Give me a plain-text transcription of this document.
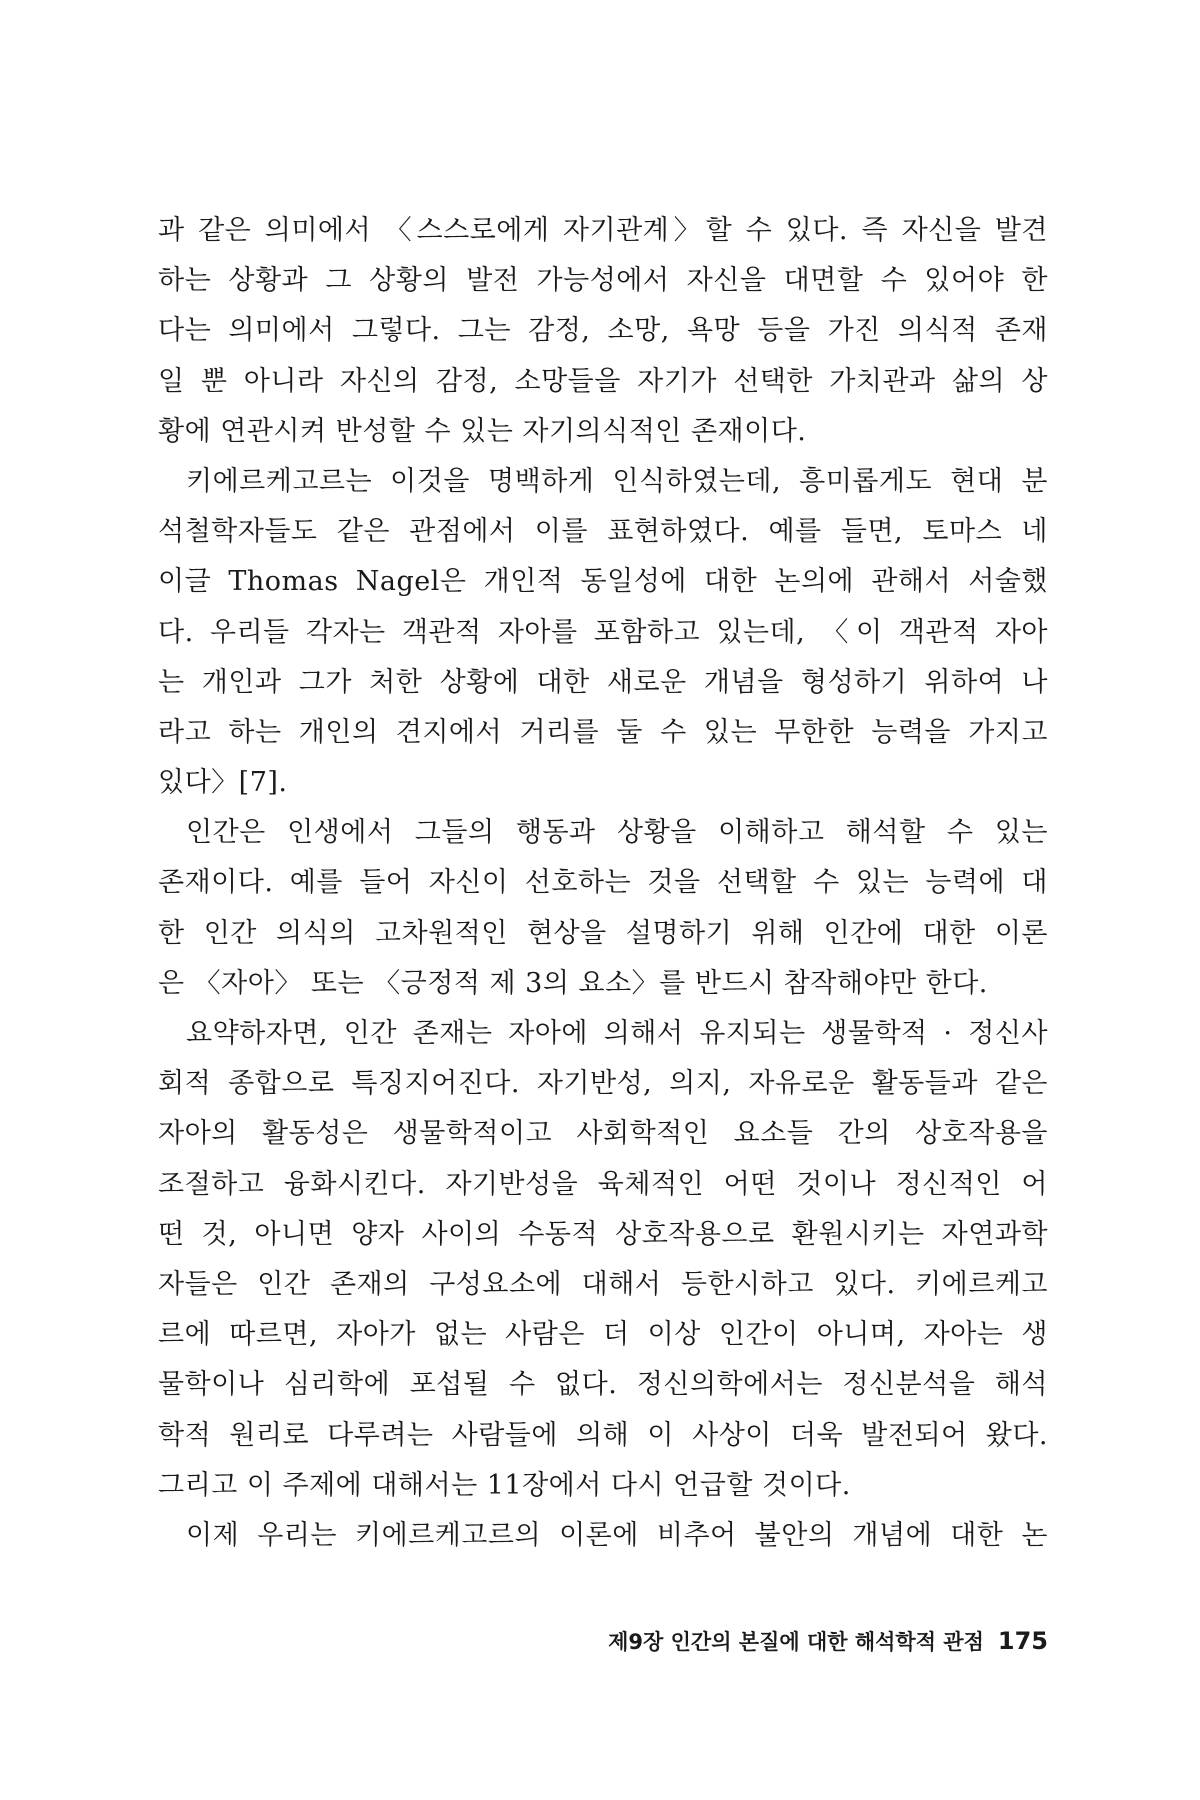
과 같은 의미에서 〈스스로에게 자기관계〉할 수 있다. 즉 자신을 발견
하는 상황과 그 상황의 발전 가능성에서 자신을 대면할 수 있어야 한
다는 의미에서 그렇다. 그는 감정, 소망, 욕망 등을 가진 의식적 존재
일 뿐 아니라 자신의 감정, 소망들을 자기가 선택한 가치관과 삶의 상
황에 연관시켜 반성할 수 있는 자기의식적인 존재이다.
키에르케고르는 이것을 명백하게 인식하였는데, 흥미롭게도 현대 분
석철학자들도 같은 관점에서 이를 표현하였다. 예를 들면, 토마스 네
이글 Thomas Nagel은 개인적 동일성에 대한 논의에 관해서 서술했
다. 우리들 각자는 객관적 자아를 포함하고 있는데, 〈이 객관적 자아
는 개인과 그가 처한 상황에 대한 새로운 개념을 형성하기 위하여 나
라고 하는 개인의 견지에서 거리를 둘 수 있는 무한한 능력을 가지고
있다〉[7].
인간은 인생에서 그들의 행동과 상황을 이해하고 해석할 수 있는
존재이다. 예를 들어 자신이 선호하는 것을 선택할 수 있는 능력에 대
한 인간 의식의 고차원적인 현상을 설명하기 위해 인간에 대한 이론
은 〈자아〉 또는 〈긍정적 제 3의 요소〉를 반드시 참작해야만 한다.
요약하자면, 인간 존재는 자아에 의해서 유지되는 생물학적 · 정신사
회적 종합으로 특징지어진다. 자기반성, 의지, 자유로운 활동들과 같은
자아의 활동성은 생물학적이고 사회학적인 요소들 간의 상호작용을
조절하고 융화시킨다. 자기반성을 육체적인 어떤 것이나 정신적인 어
떤 것, 아니면 양자 사이의 수동적 상호작용으로 환원시키는 자연과학
자들은 인간 존재의 구성요소에 대해서 등한시하고 있다. 키에르케고
르에 따르면, 자아가 없는 사람은 더 이상 인간이 아니며, 자아는 생
물학이나 심리학에 포섭될 수 없다. 정신의학에서는 정신분석을 해석
학적 원리로 다루려는 사람들에 의해 이 사상이 더욱 발전되어 왔다.
그리고 이 주제에 대해서는 11장에서 다시 언급할 것이다.
이제 우리는 키에르케고르의 이론에 비추어 불안의 개념에 대한 논
제9장 인간의 본질에 대한 해석학적 관점 175
